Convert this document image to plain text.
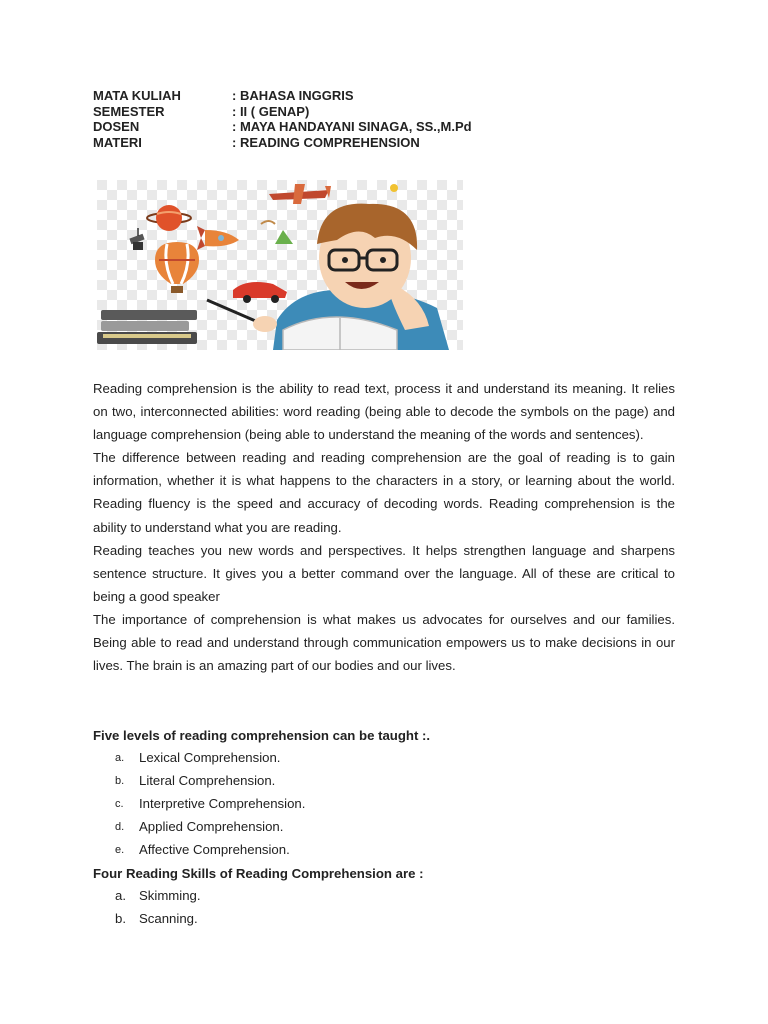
MATA KULIAH	: BAHASA INGGRIS
SEMESTER	: II ( GENAP)
DOSEN	: MAYA HANDAYANI SINAGA, SS.,M.Pd
MATERI	: READING COMPREHENSION

Reading comprehension is the ability to read text, process it and understand its meaning. It relies on two, interconnected abilities: word reading (being able to decode the symbols on the page) and language comprehension (being able to understand the meaning of the words and sentences).

The difference between reading and reading comprehension are the goal of reading is to gain information, whether it is what happens to the characters in a story, or learning about the world. Reading fluency is the speed and accuracy of decoding words. Reading comprehension is the ability to understand what you are reading.

Reading teaches you new words and perspectives. It helps strengthen language and sharpens sentence structure. It gives you a better command over the language. All of these are critical to being a good speaker

The importance of comprehension is what makes us advocates for ourselves and our families. Being able to read and understand through communication empowers us to make decisions in our lives. The brain is an amazing part of our bodies and our lives.

Five levels of reading comprehension can be taught :.
a. Lexical Comprehension.
b. Literal Comprehension.
c. Interpretive Comprehension.
d. Applied Comprehension.
e. Affective Comprehension.
Four Reading Skills of Reading Comprehension are :
a. Skimming.
b. Scanning.
